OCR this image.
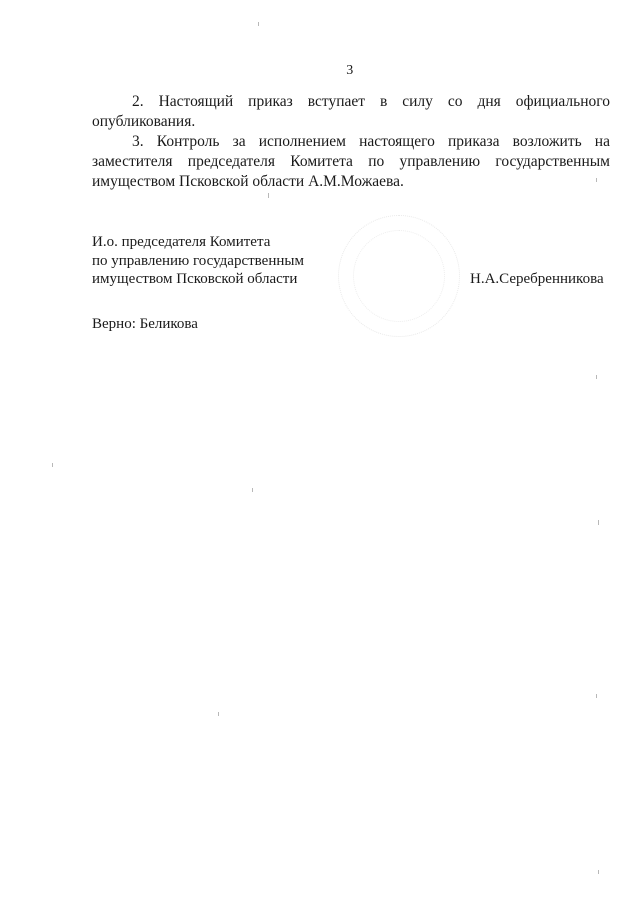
3

2. Настоящий приказ вступает в силу со дня официального опубликования.

3. Контроль за исполнением настоящего приказа возложить на заместителя председателя Комитета по управлению государственным имуществом Псковской области А.М.Можаева.

И.о. председателя Комитета
по управлению государственным
имуществом Псковской области	Н.А.Серебренникова
Верно: Беликова
